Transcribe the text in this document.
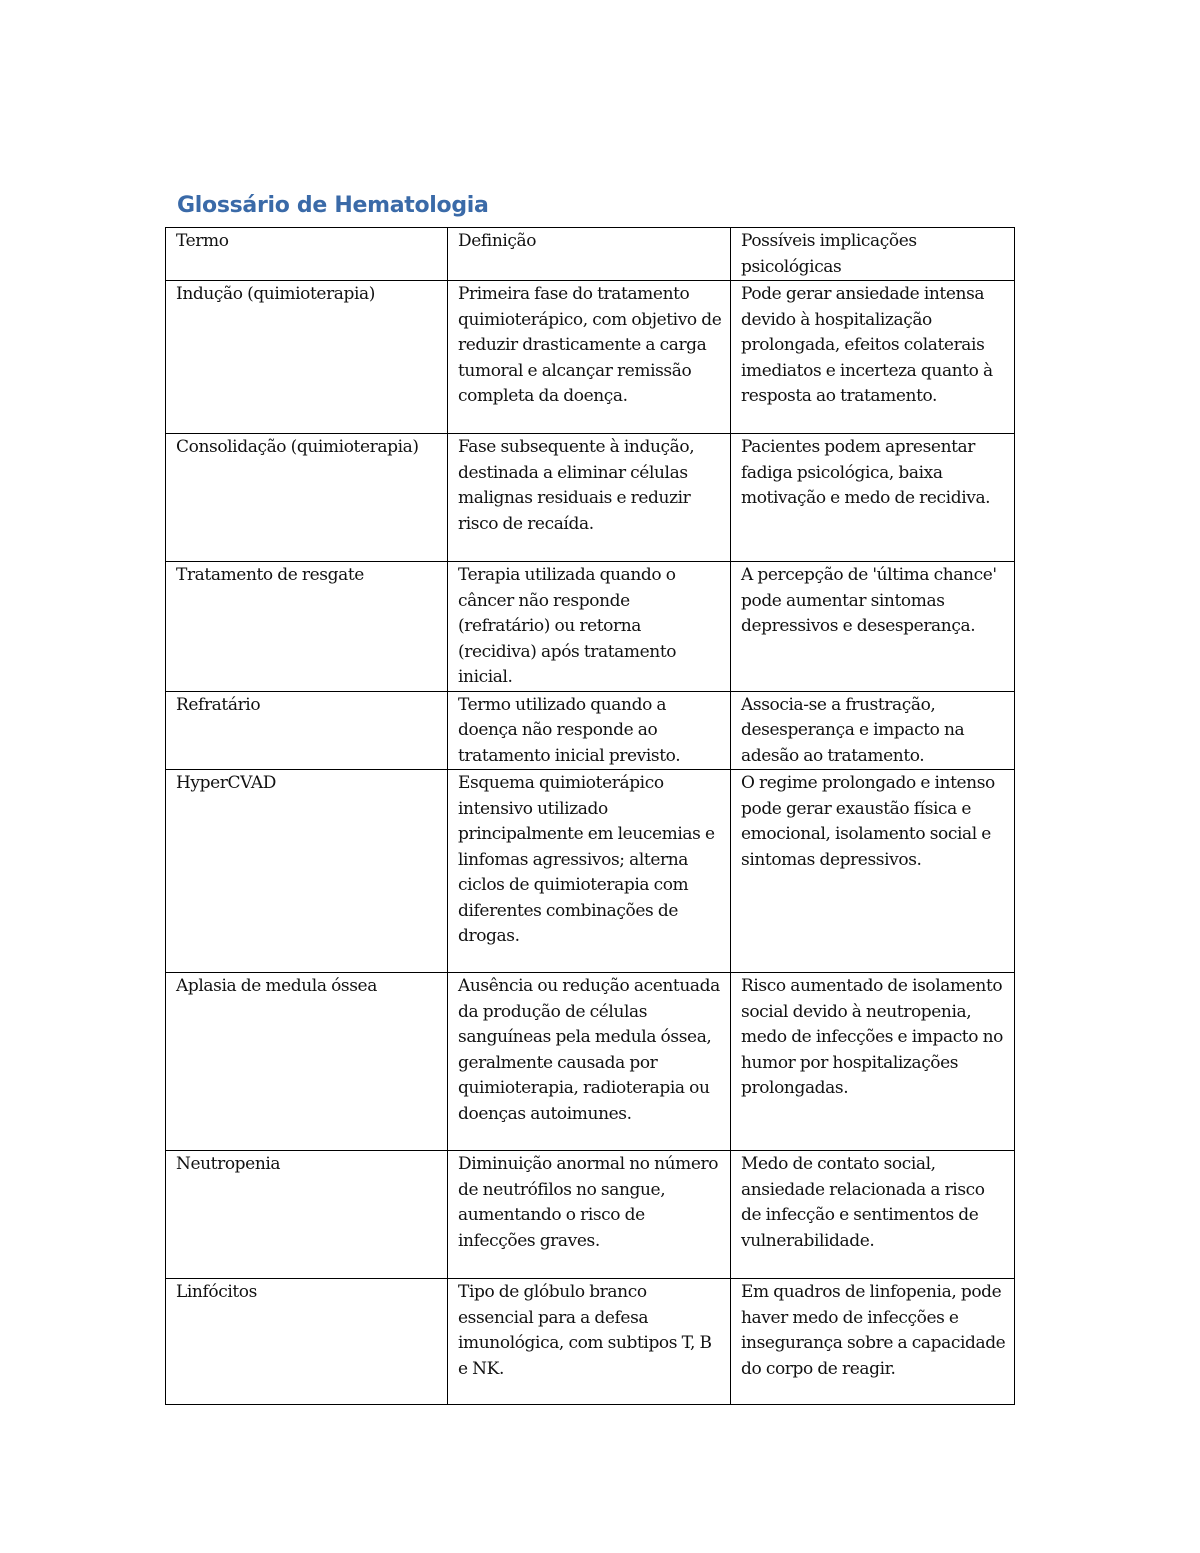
Glossário de Hematologia
Termo	Definição	Possíveis implicações psicológicas
Indução (quimioterapia)	Primeira fase do tratamento quimioterápico, com objetivo de reduzir drasticamente a carga tumoral e alcançar remissão completa da doença.	Pode gerar ansiedade intensa devido à hospitalização prolongada, efeitos colaterais imediatos e incerteza quanto à resposta ao tratamento.
Consolidação (quimioterapia)	Fase subsequente à indução, destinada a eliminar células malignas residuais e reduzir risco de recaída.	Pacientes podem apresentar fadiga psicológica, baixa motivação e medo de recidiva.
Tratamento de resgate	Terapia utilizada quando o câncer não responde (refratário) ou retorna (recidiva) após tratamento inicial.	A percepção de 'última chance' pode aumentar sintomas depressivos e desesperança.
Refratário	Termo utilizado quando a doença não responde ao tratamento inicial previsto.	Associa-se a frustração, desesperança e impacto na adesão ao tratamento.
HyperCVAD	Esquema quimioterápico intensivo utilizado principalmente em leucemias e linfomas agressivos; alterna ciclos de quimioterapia com diferentes combinações de drogas.	O regime prolongado e intenso pode gerar exaustão física e emocional, isolamento social e sintomas depressivos.
Aplasia de medula óssea	Ausência ou redução acentuada da produção de células sanguíneas pela medula óssea, geralmente causada por quimioterapia, radioterapia ou doenças autoimunes.	Risco aumentado de isolamento social devido à neutropenia, medo de infecções e impacto no humor por hospitalizações prolongadas.
Neutropenia	Diminuição anormal no número de neutrófilos no sangue, aumentando o risco de infecções graves.	Medo de contato social, ansiedade relacionada a risco de infecção e sentimentos de vulnerabilidade.
Linfócitos	Tipo de glóbulo branco essencial para a defesa imunológica, com subtipos T, B e NK.	Em quadros de linfopenia, pode haver medo de infecções e insegurança sobre a capacidade do corpo de reagir.
